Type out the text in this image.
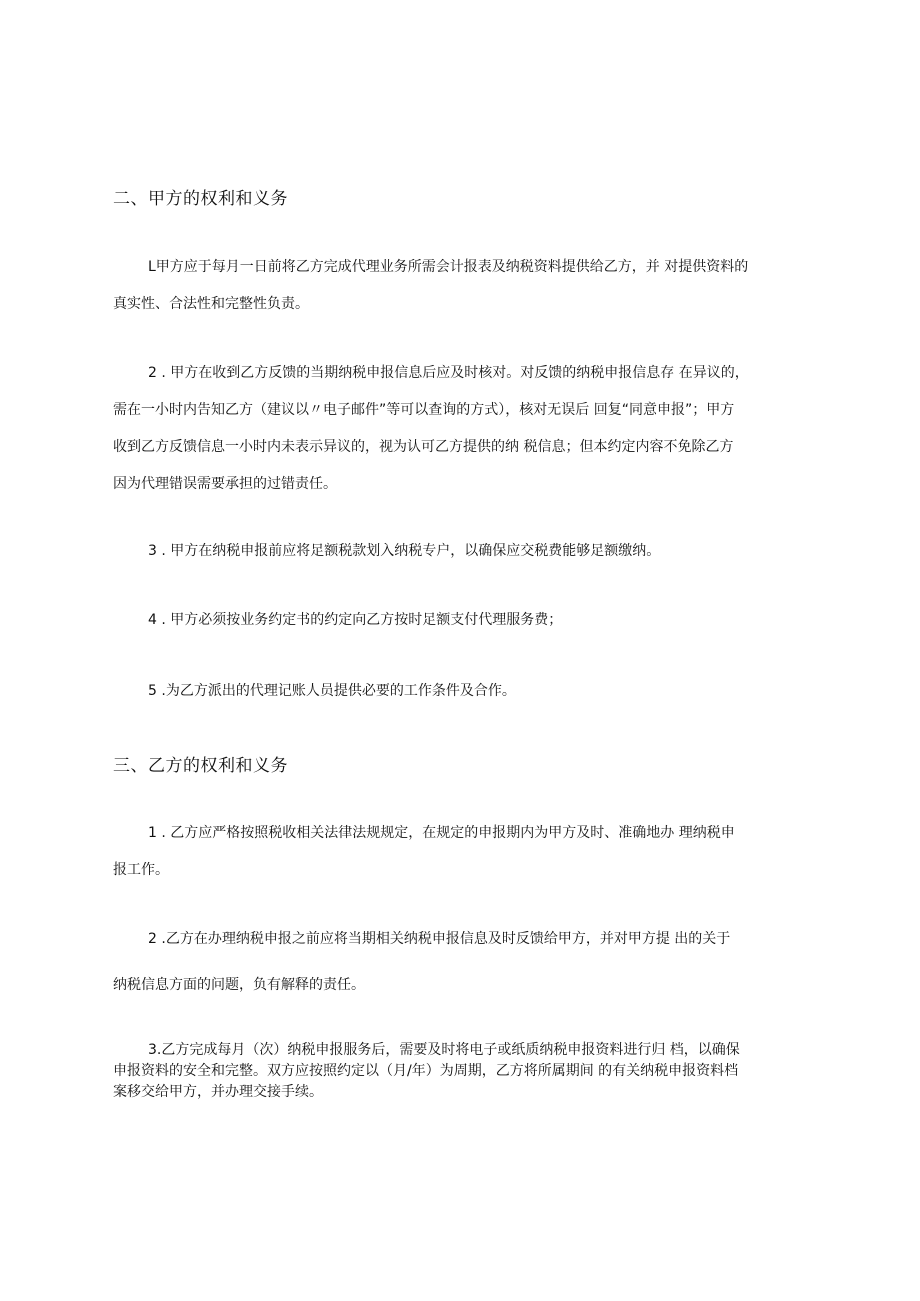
二、甲方的权利和义务
L甲方应于每月一日前将乙方完成代理业务所需会计报表及纳税资料提供给乙方，并 对提供资料的
真实性、合法性和完整性负责。
2 . 甲方在收到乙方反馈的当期纳税申报信息后应及时核对。对反馈的纳税申报信息存 在异议的，
需在一小时内告知乙方（建议以〃电子邮件”等可以查询的方式），核对无误后 回复“同意申报”；甲方
收到乙方反馈信息一小时内未表示异议的，视为认可乙方提供的纳 税信息；但本约定内容不免除乙方
因为代理错误需要承担的过错责任。
3 . 甲方在纳税申报前应将足额税款划入纳税专户，以确保应交税费能够足额缴纳。
4 . 甲方必须按业务约定书的约定向乙方按时足额支付代理服务费；
5 .为乙方派出的代理记账人员提供必要的工作条件及合作。
三、乙方的权利和义务
1 . 乙方应严格按照税收相关法律法规规定，在规定的申报期内为甲方及时、准确地办 理纳税申
报工作。
2 .乙方在办理纳税申报之前应将当期相关纳税申报信息及时反馈给甲方，并对甲方提 出的关于
纳税信息方面的问题，负有解释的责任。
3.乙方完成每月（次）纳税申报服务后，需要及时将电子或纸质纳税申报资料进行归 档，以确保
申报资料的安全和完整。双方应按照约定以（月/年）为周期，乙方将所属期间 的有关纳税申报资料档
案移交给甲方，并办理交接手续。
